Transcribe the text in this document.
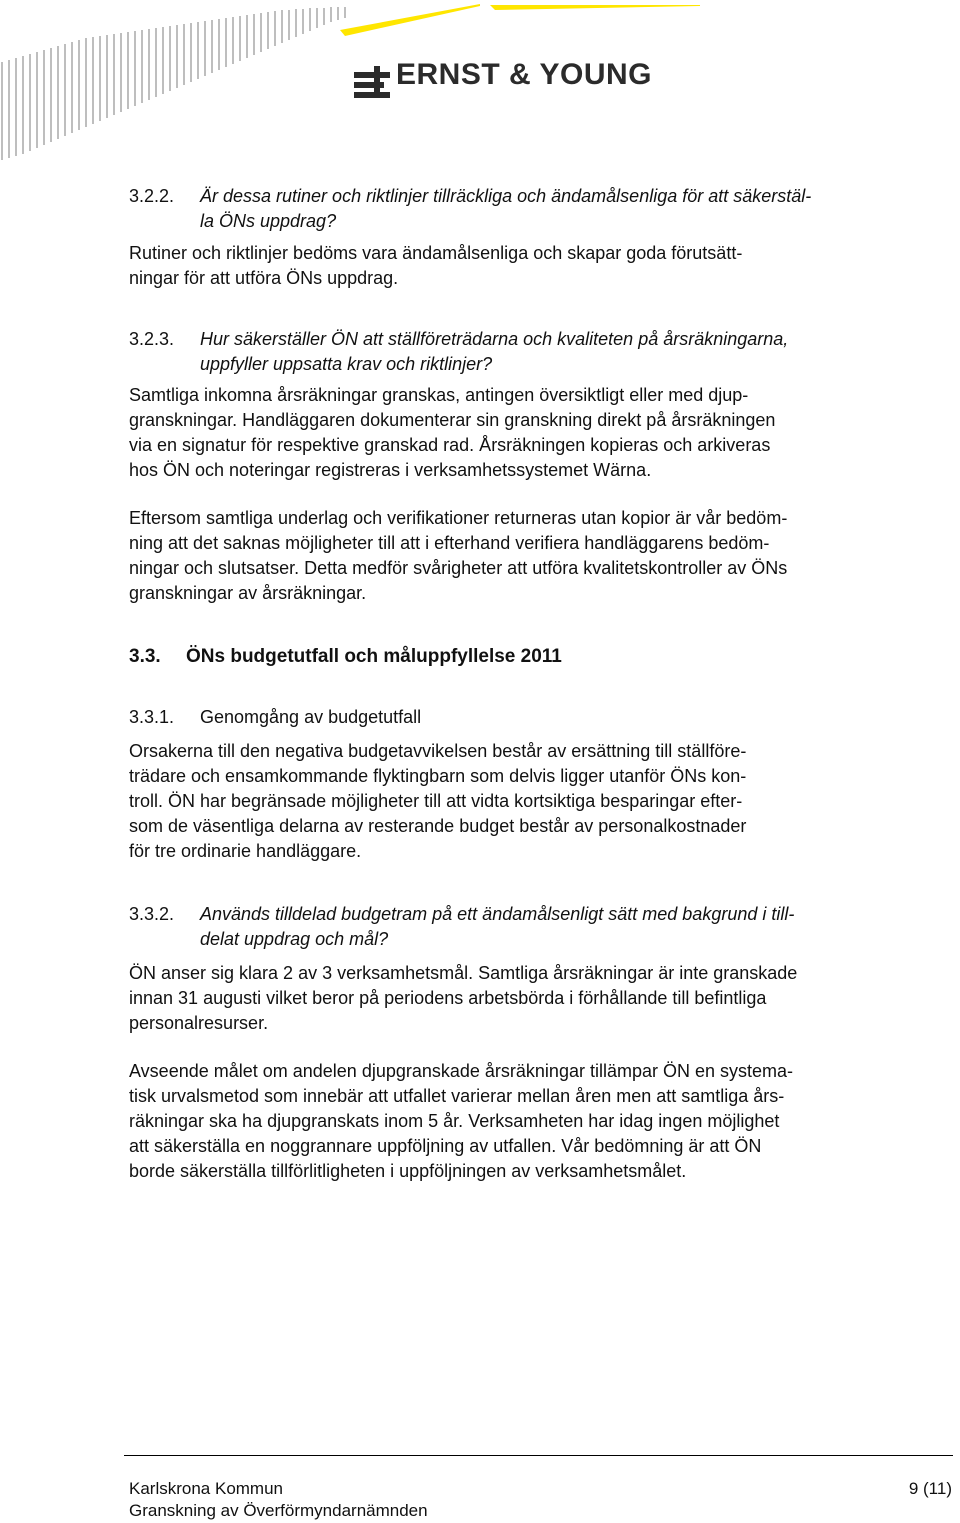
ERNST & YOUNG
3.2.2.	Är dessa rutiner och riktlinjer tillräckliga och ändamålsenliga för att säkerstäl-
la ÖNs uppdrag?

Rutiner och riktlinjer bedöms vara ändamålsenliga och skapar goda förutsätt-
ningar för att utföra ÖNs uppdrag.

3.2.3.	Hur säkerställer ÖN att ställföreträdarna och kvaliteten på årsräkningarna,
uppfyller uppsatta krav och riktlinjer?

Samtliga inkomna årsräkningar granskas, antingen översiktligt eller med djup-
granskningar. Handläggaren dokumenterar sin granskning direkt på årsräkningen
via en signatur för respektive granskad rad. Årsräkningen kopieras och arkiveras
hos ÖN och noteringar registreras i verksamhetssystemet Wärna.

Eftersom samtliga underlag och verifikationer returneras utan kopior är vår bedöm-
ning att det saknas möjligheter till att i efterhand verifiera handläggarens bedöm-
ningar och slutsatser. Detta medför svårigheter att utföra kvalitetskontroller av ÖNs
granskningar av årsräkningar.

3.3.	ÖNs budgetutfall och måluppfyllelse 2011
3.3.1.	Genomgång av budgetutfall

Orsakerna till den negativa budgetavvikelsen består av ersättning till ställföre-
trädare och ensamkommande flyktingbarn som delvis ligger utanför ÖNs kon-
troll. ÖN har begränsade möjligheter till att vidta kortsiktiga besparingar efter-
som de väsentliga delarna av resterande budget består av personalkostnader
för tre ordinarie handläggare.

3.3.2.	Används tilldelad budgetram på ett ändamålsenligt sätt med bakgrund i till-
delat uppdrag och mål?

ÖN anser sig klara 2 av 3 verksamhetsmål. Samtliga årsräkningar är inte granskade
innan 31 augusti vilket beror på periodens arbetsbörda i förhållande till befintliga
personalresurser.

Avseende målet om andelen djupgranskade årsräkningar tillämpar ÖN en systema-
tisk urvalsmetod som innebär att utfallet varierar mellan åren men att samtliga års-
räkningar ska ha djupgranskats inom 5 år. Verksamheten har idag ingen möjlighet
att säkerställa en noggrannare uppföljning av utfallen. Vår bedömning är att ÖN
borde säkerställa tillförlitligheten i uppföljningen av verksamhetsmålet.

Karlskrona Kommun
Granskning av Överförmyndarnämnden
9 (11)
